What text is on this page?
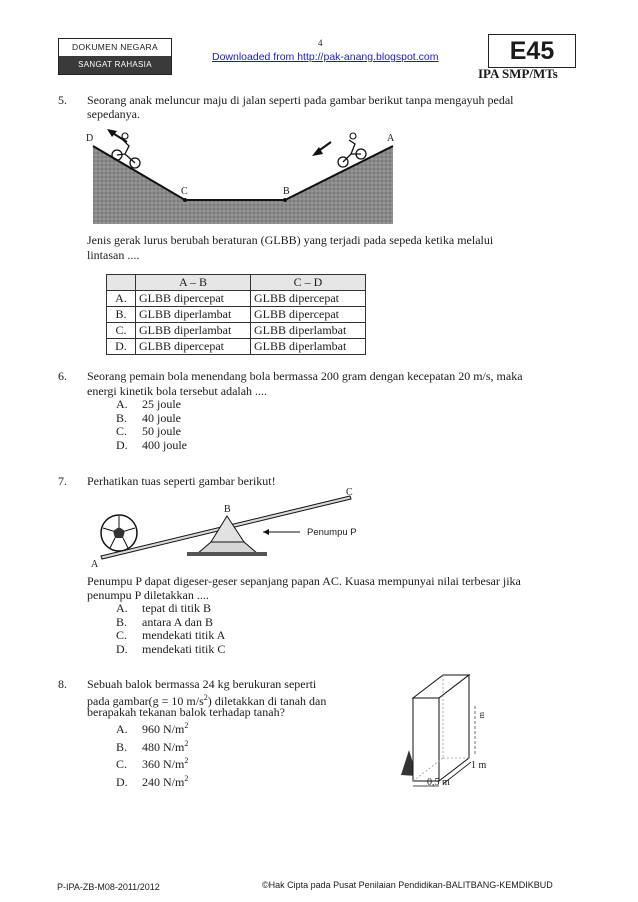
DOKUMEN NEGARA
SANGAT RAHASIA
4
Downloaded from http://pak-anang.blogspot.com	E45
IPA SMP/MTs
5. Seorang anak meluncur maju di jalan seperti pada gambar berikut tanpa mengayuh pedal
sepedanya.
D
C	B
A
Jenis gerak lurus berubah beraturan (GLBB) yang terjadi pada sepeda ketika melalui
lintasan ....
	A – B	C – D
A.	GLBB dipercepat	GLBB dipercepat
B.	GLBB diperlambat	GLBB dipercepat
C.	GLBB diperlambat	GLBB diperlambat
D.	GLBB dipercepat	GLBB diperlambat
6. Seorang pemain bola menendang bola bermassa 200 gram dengan kecepatan 20 m/s, maka
energi kinetik bola tersebut adalah ....
A. 25 joule
B. 40 joule
C. 50 joule
D. 400 joule
7. Perhatikan tuas seperti gambar berikut!
C
B
Penumpu P
A
Penumpu P dapat digeser-geser sepanjang papan AC. Kuasa mempunyai nilai terbesar jika
penumpu P diletakkan ....
A. tepat di titik B
B. antara A dan B
C. mendekati titik A
D. mendekati titik C
8. Sebuah balok bermassa 24 kg berukuran seperti
pada gambar(g = 10 $m/s^2$) diletakkan di tanah dan
berapakah tekanan balok terhadap tanah?
A. 960 $N/m^2$
B. 480 $N/m^2$
C. 360 $N/m^2$
D. 240 $N/m^2$
m
1 m
0,5 m
P-IPA-ZB-M08-2011/2012	©Hak Cipta pada Pusat Penilaian Pendidikan-BALITBANG-KEMDIKBUD
